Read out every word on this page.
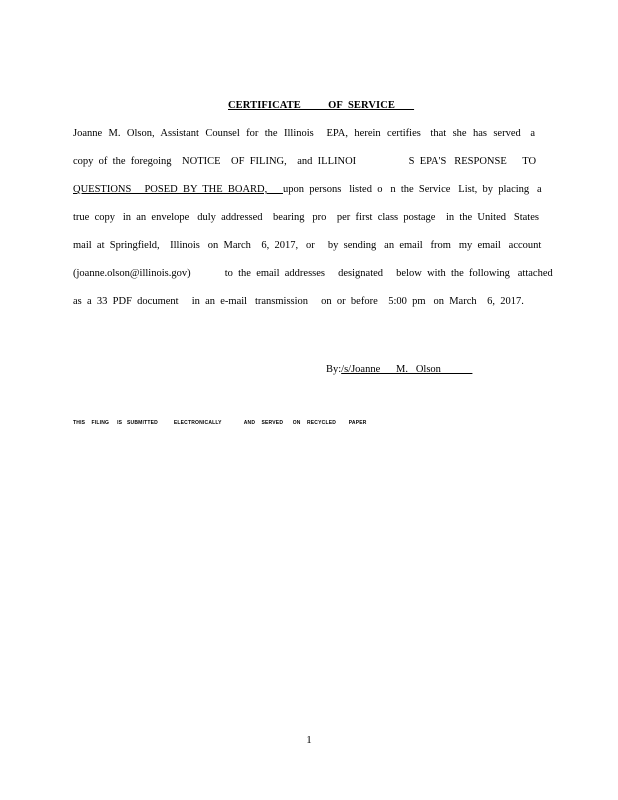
CERTIFICATE          OF  SERVICE
Joanne  M.  Olson,  Assistant  Counsel  for  the  Illinois    EPA,  herein  certifies   that  she  has  served   a
copy  of  the  foregoing    NOTICE    OF  FILING,    and  ILLINOI                    S  EPA'S   RESPONSE      TO
QUESTIONS     POSED  BY  THE  BOARD,      upon  persons   listed  o   n  the  Service   List,  by  placing   a
true  copy   in  an  envelope   duly  addressed    bearing   pro    per  first  class  postage    in  the  United   States
mail  at  Springfield,    Illinois   on  March    6,  2017,   or     by  sending   an  email   from   my  email   account
(joanne.olson@illinois.gov)             to  the  email  addresses     designated     below  with  the  following   attached
as  a  33  PDF  document     in  an  e-mail   transmission     on  or  before    5:00  pm   on  March    6,  2017.
By:/s/Joanne      M.   Olson
THIS    FILING     IS   SUBMITTED          ELECTRONICALLY              AND    SERVED      ON    RECYCLED        PAPER
1
